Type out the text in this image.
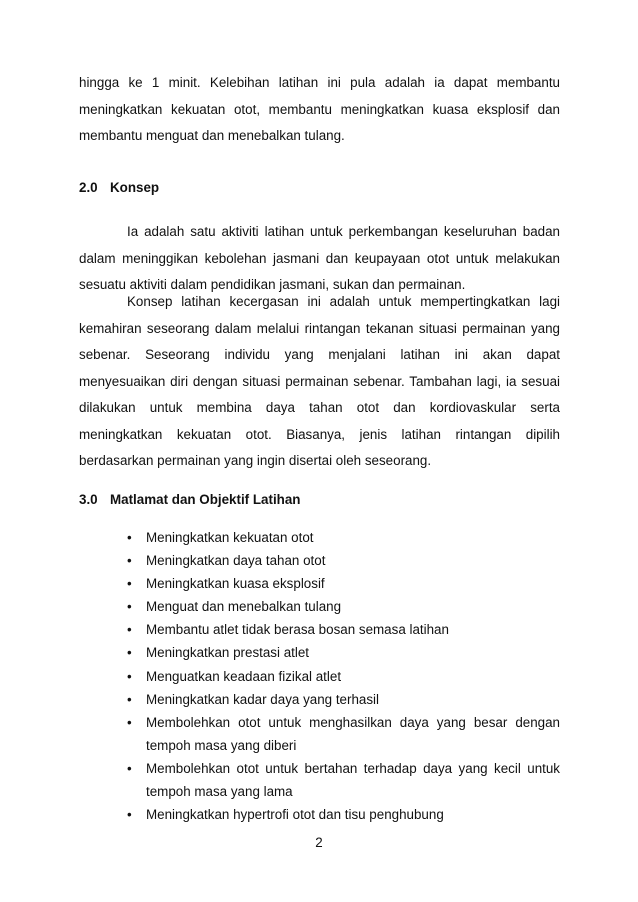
hingga ke 1 minit. Kelebihan latihan ini pula adalah ia dapat membantu meningkatkan kekuatan otot, membantu meningkatkan kuasa eksplosif dan membantu menguat dan menebalkan tulang.

2.0 Konsep

Ia adalah satu aktiviti latihan untuk perkembangan keseluruhan badan dalam meninggikan kebolehan jasmani dan keupayaan otot untuk melakukan sesuatu aktiviti dalam pendidikan jasmani, sukan dan permainan.

Konsep latihan kecergasan ini adalah untuk mempertingkatkan lagi kemahiran seseorang dalam melalui rintangan tekanan situasi permainan yang sebenar. Seseorang individu yang menjalani latihan ini akan dapat menyesuaikan diri dengan situasi permainan sebenar. Tambahan lagi, ia sesuai dilakukan untuk membina daya tahan otot dan kordiovaskular serta meningkatkan kekuatan otot. Biasanya, jenis latihan rintangan dipilih berdasarkan permainan yang ingin disertai oleh seseorang.

3.0 Matlamat dan Objektif Latihan
• Meningkatkan kekuatan otot
• Meningkatkan daya tahan otot
• Meningkatkan kuasa eksplosif
• Menguat dan menebalkan tulang
• Membantu atlet tidak berasa bosan semasa latihan
• Meningkatkan prestasi atlet
• Menguatkan keadaan fizikal atlet
• Meningkatkan kadar daya yang terhasil
• Membolehkan otot untuk menghasilkan daya yang besar dengan tempoh masa yang diberi
• Membolehkan otot untuk bertahan terhadap daya yang kecil untuk tempoh masa yang lama
• Meningkatkan hypertrofi otot dan tisu penghubung
2
